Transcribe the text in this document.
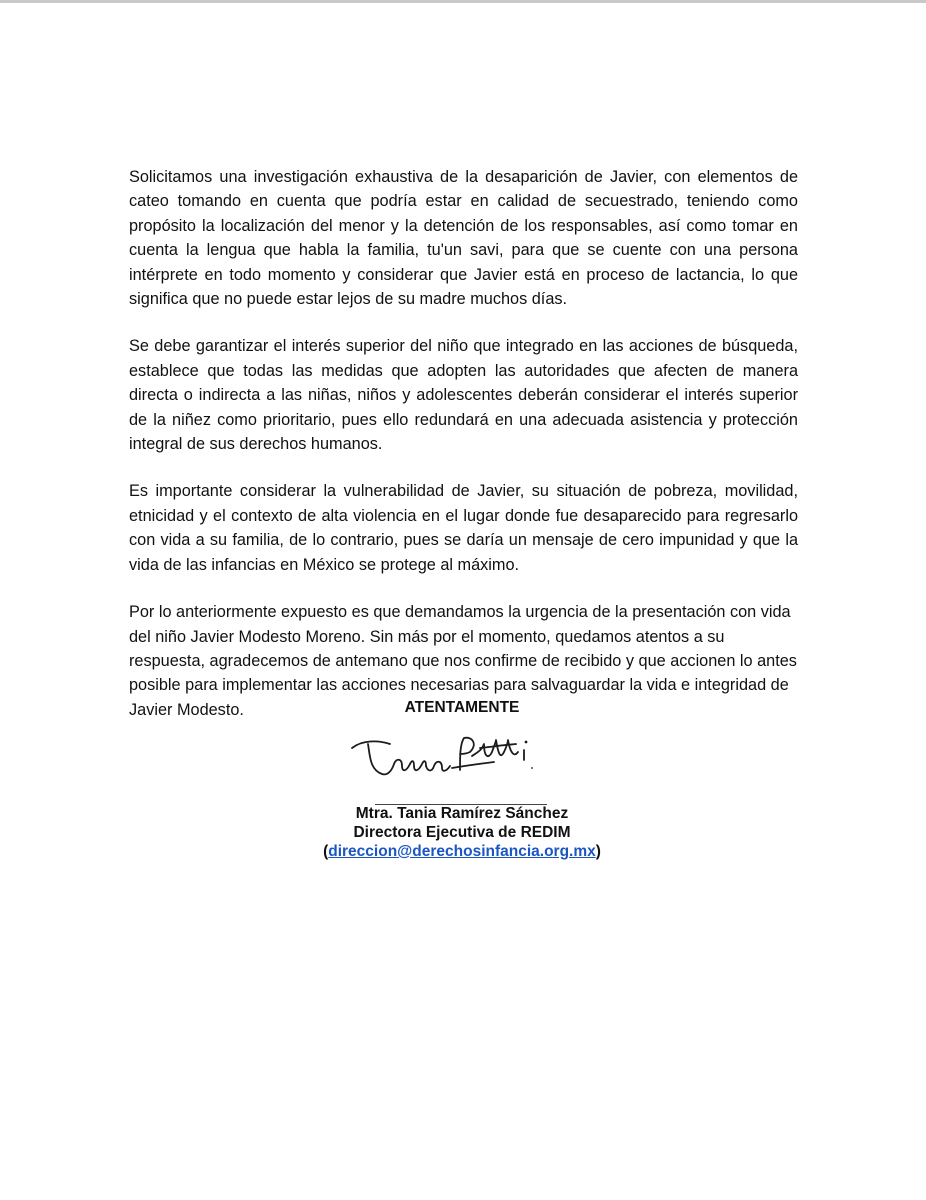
Solicitamos una investigación exhaustiva de la desaparición de Javier, con elementos de cateo tomando en cuenta que podría estar en calidad de secuestrado, teniendo como propósito la localización del menor y la detención de los responsables, así como tomar en cuenta la lengua que habla la familia, tu'un savi, para que se cuente con una persona intérprete en todo momento y considerar que Javier está en proceso de lactancia, lo que significa que no puede estar lejos de su madre muchos días.

Se debe garantizar el interés superior del niño que integrado en las acciones de búsqueda, establece que todas las medidas que adopten las autoridades que afecten de manera directa o indirecta a las niñas, niños y adolescentes deberán considerar el interés superior de la niñez como prioritario, pues ello redundará en una adecuada asistencia y protección integral de sus derechos humanos.

Es importante considerar la vulnerabilidad de Javier, su situación de pobreza, movilidad, etnicidad y el contexto de alta violencia en el lugar donde fue desaparecido para regresarlo con vida a su familia, de lo contrario, pues se daría un mensaje de cero impunidad y que la vida de las infancias en México se protege al máximo.

Por lo anteriormente expuesto es que demandamos la urgencia de la presentación con vida del niño Javier Modesto Moreno. Sin más por el momento, quedamos atentos a su respuesta, agradecemos de antemano que nos confirme de recibido y que accionen lo antes posible para implementar las acciones necesarias para salvaguardar la vida e integridad de Javier Modesto.	ATENTAMENTE

Mtra. Tania Ramírez Sánchez

Directora Ejecutiva de REDIM

(direccion@derechosinfancia.org.mx)
